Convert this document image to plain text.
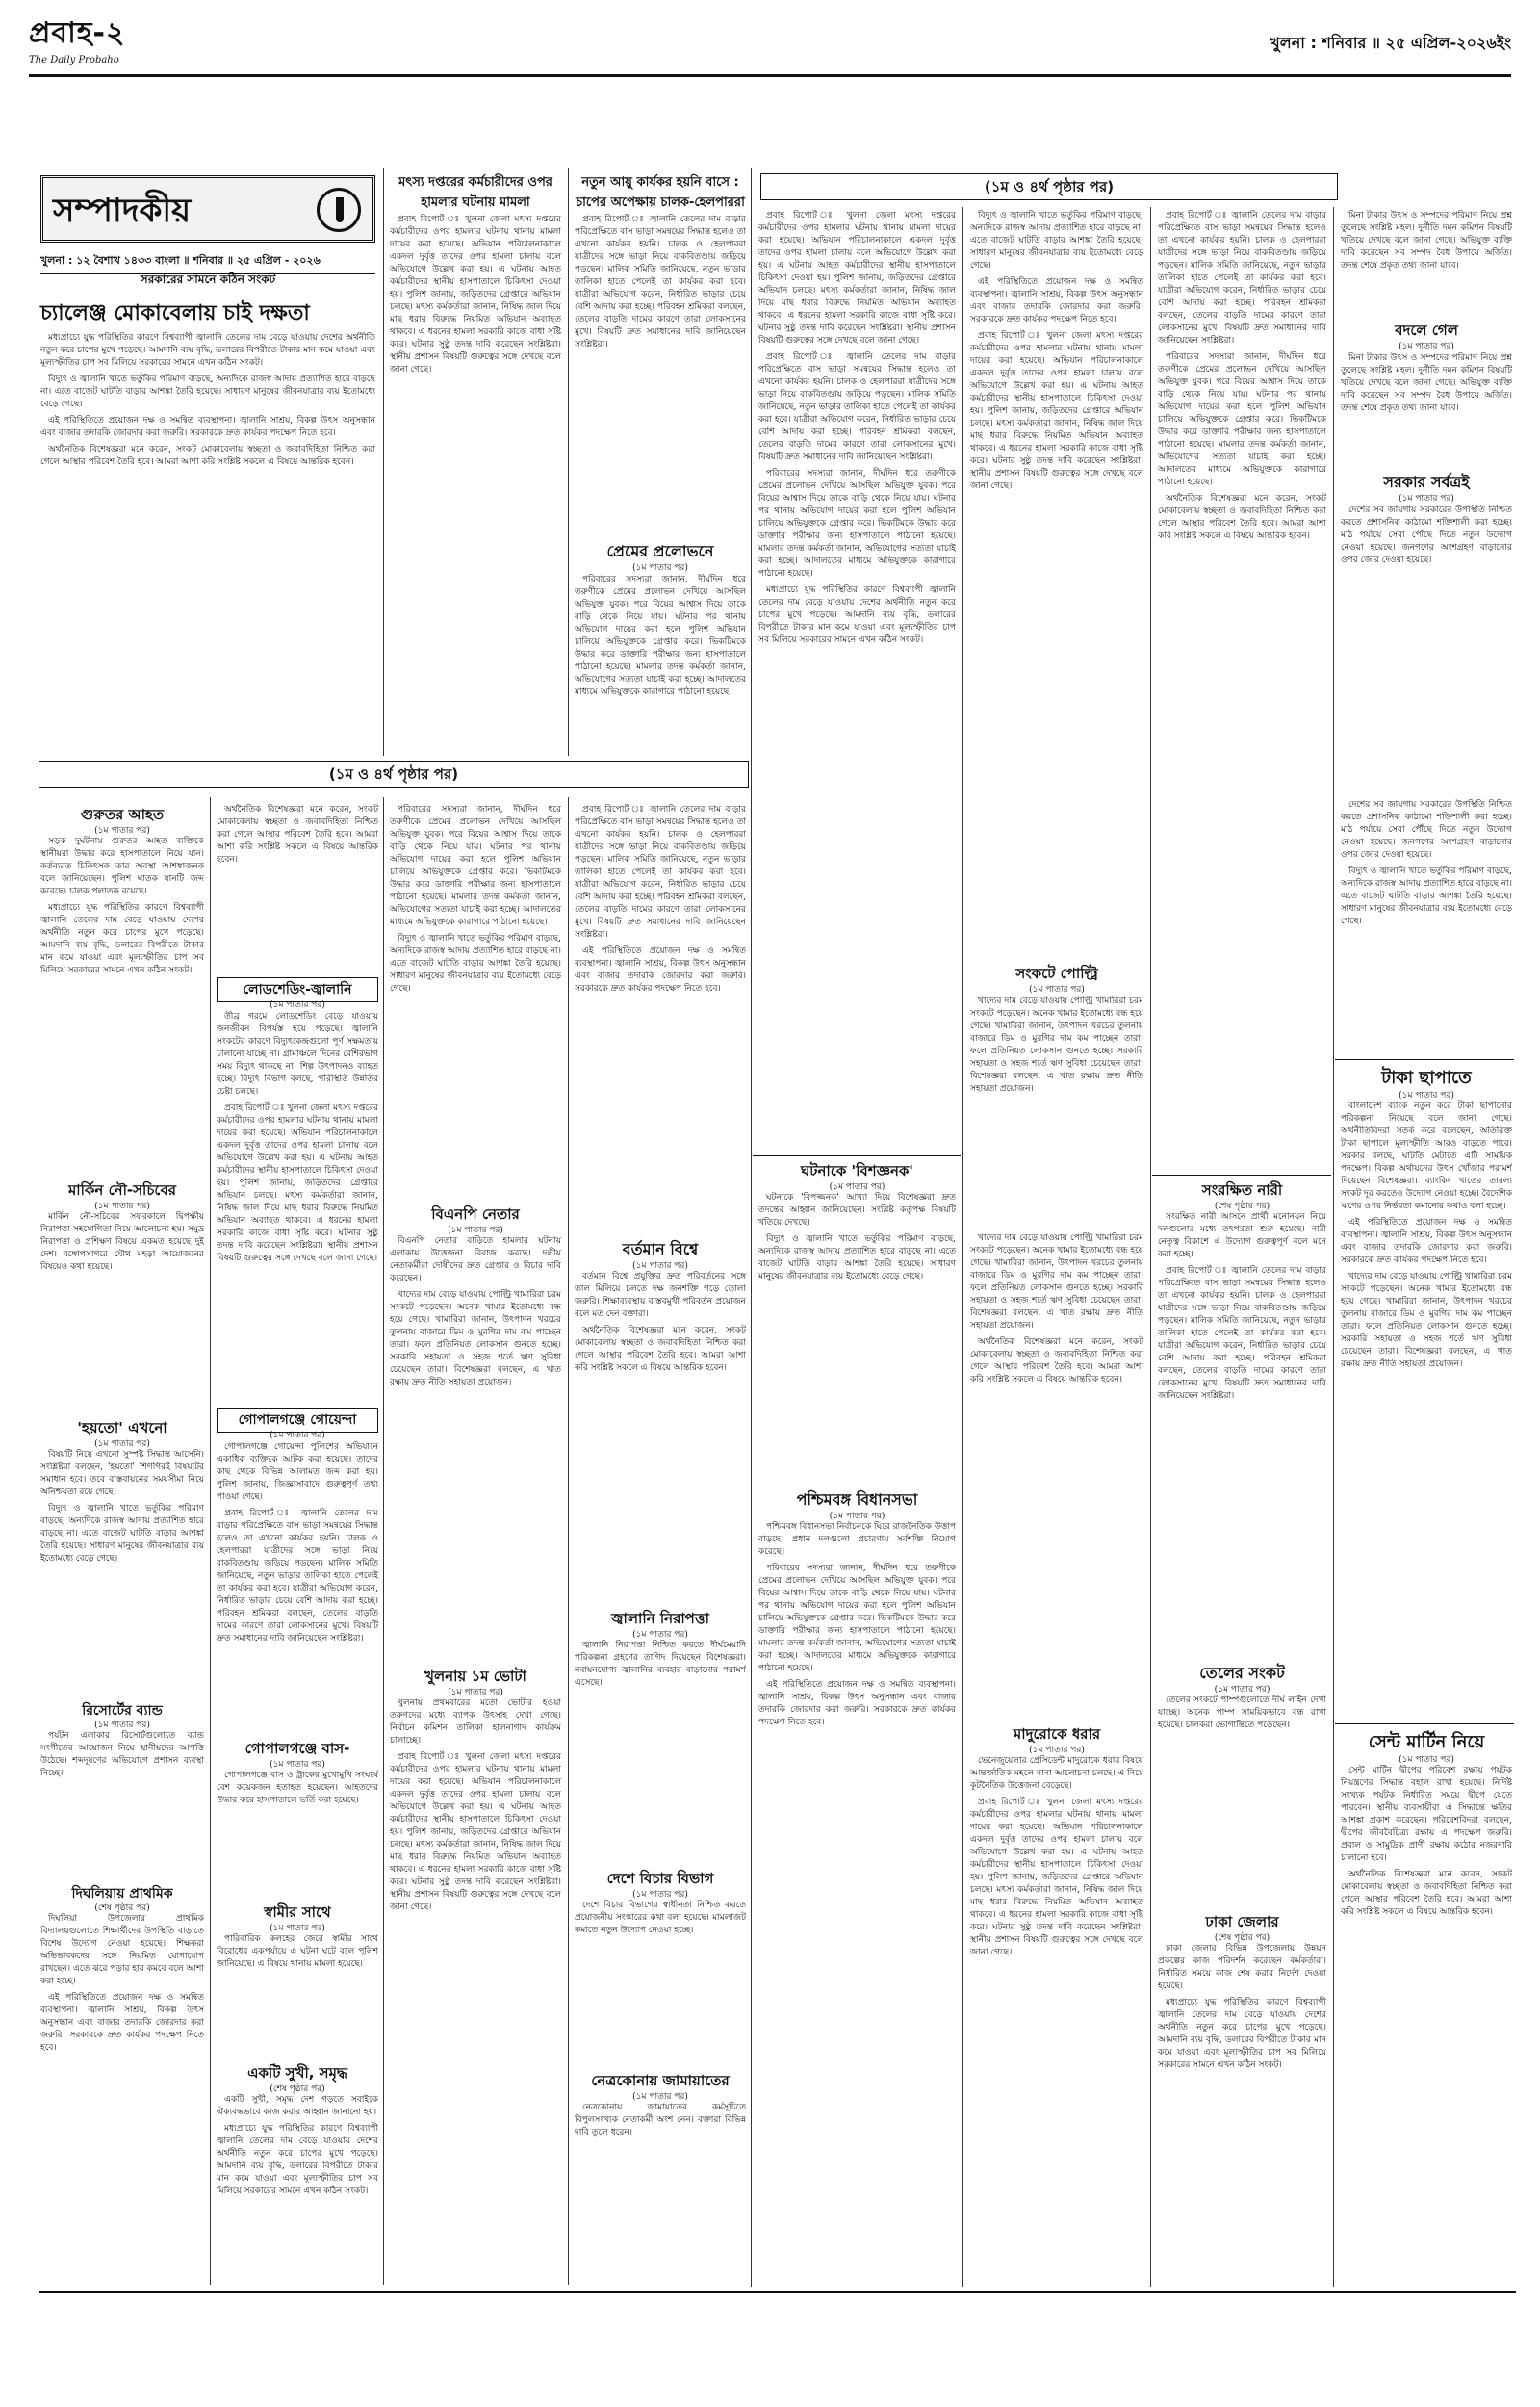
প্রবাহ-২
The Daily Probaho
খুলনা : শনিবার ॥ ২৫ এপ্রিল-২০২৬ইং
সম্পাদকীয়
খুলনা : ১২ বৈশাখ ১৪৩৩ বাংলা ॥ শনিবার ॥ ২৫ এপ্রিল - ২০২৬
সরকারের সামনে কঠিন সংকট
চ্যালেঞ্জ মোকাবেলায় চাই দক্ষতা

মধ্যপ্রাচ্যে যুদ্ধ পরিস্থিতির কারণে বিশ্বব্যাপী জ্বালানি তেলের দাম বেড়ে যাওয়ায় দেশের অর্থনীতি নতুন করে চাপের মুখে পড়েছে। আমদানি ব্যয় বৃদ্ধি, ডলারের বিপরীতে টাকার মান কমে যাওয়া এবং মূল্যস্ফীতির চাপ সব মিলিয়ে সরকারের সামনে এখন কঠিন সংকট।

বিদ্যুৎ ও জ্বালানি খাতে ভর্তুকির পরিমাণ বাড়ছে, অন্যদিকে রাজস্ব আদায় প্রত্যাশিত হারে বাড়ছে না। এতে বাজেট ঘাটতি বাড়ার আশঙ্কা তৈরি হয়েছে। সাধারণ মানুষের জীবনযাত্রার ব্যয় ইতোমধ্যে বেড়ে গেছে।

এই পরিস্থিতিতে প্রয়োজন দক্ষ ও সমন্বিত ব্যবস্থাপনা। জ্বালানি সাশ্রয়, বিকল্প উৎস অনুসন্ধান এবং বাজার তদারকি জোরদার করা জরুরি। সরকারকে দ্রুত কার্যকর পদক্ষেপ নিতে হবে।

অর্থনৈতিক বিশেষজ্ঞরা মনে করেন, সংকট মোকাবেলায় স্বচ্ছতা ও জবাবদিহিতা নিশ্চিত করা গেলে আস্থার পরিবেশ তৈরি হবে। আমরা আশা করি সংশ্লিষ্ট সকলে এ বিষয়ে আন্তরিক হবেন।

মৎস্য দপ্তরের কর্মচারীদের ওপর হামলার ঘটনায় মামলা

প্রবাহ রিপোর্ট ঃ খুলনা জেলা মৎস্য দপ্তরের কর্মচারীদের ওপর হামলার ঘটনায় থানায় মামলা দায়ের করা হয়েছে। অভিযান পরিচালনাকালে একদল দুর্বৃত্ত তাদের ওপর হামলা চালায় বলে অভিযোগে উল্লেখ করা হয়। এ ঘটনায় আহত কর্মচারীদের স্থানীয় হাসপাতালে চিকিৎসা দেওয়া হয়। পুলিশ জানায়, জড়িতদের গ্রেপ্তারে অভিযান চলছে। মৎস্য কর্মকর্তারা জানান, নিষিদ্ধ জাল দিয়ে মাছ ধরার বিরুদ্ধে নিয়মিত অভিযান অব্যাহত থাকবে। এ ধরনের হামলা সরকারি কাজে বাধা সৃষ্টি করে। ঘটনার সুষ্ঠু তদন্ত দাবি করেছেন সংশ্লিষ্টরা। স্থানীয় প্রশাসন বিষয়টি গুরুত্বের সঙ্গে দেখছে বলে জানা গেছে।

নতুন আয়ু কার্যকর হয়নি বাসে : চাপের অপেক্ষায় চালক-হেলপাররা

প্রবাহ রিপোর্ট ঃ জ্বালানি তেলের দাম বাড়ার পরিপ্রেক্ষিতে বাস ভাড়া সমন্বয়ের সিদ্ধান্ত হলেও তা এখনো কার্যকর হয়নি। চালক ও হেলপাররা যাত্রীদের সঙ্গে ভাড়া নিয়ে বাকবিতণ্ডায় জড়িয়ে পড়ছেন। মালিক সমিতি জানিয়েছে, নতুন ভাড়ার তালিকা হাতে পেলেই তা কার্যকর করা হবে। যাত্রীরা অভিযোগ করেন, নির্ধারিত ভাড়ার চেয়ে বেশি আদায় করা হচ্ছে। পরিবহন শ্রমিকরা বলছেন, তেলের বাড়তি দামের কারণে তারা লোকসানের মুখে। বিষয়টি দ্রুত সমাধানের দাবি জানিয়েছেন সংশ্লিষ্টরা।

প্রেমের প্রলোভনে
(১ম পাতার পর)

পরিবারের সদস্যরা জানান, দীর্ঘদিন ধরে তরুণীকে প্রেমের প্রলোভন দেখিয়ে আসছিল অভিযুক্ত যুবক। পরে বিয়ের আশ্বাস দিয়ে তাকে বাড়ি থেকে নিয়ে যায়। ঘটনার পর থানায় অভিযোগ দায়ের করা হলে পুলিশ অভিযান চালিয়ে অভিযুক্তকে গ্রেপ্তার করে। ভিকটিমকে উদ্ধার করে ডাক্তারি পরীক্ষার জন্য হাসপাতালে পাঠানো হয়েছে। মামলার তদন্ত কর্মকর্তা জানান, অভিযোগের সত্যতা যাচাই করা হচ্ছে। আদালতের মাধ্যমে অভিযুক্তকে কারাগারে পাঠানো হয়েছে।

(১ম ও ৪র্থ পৃষ্ঠার পর)

প্রবাহ রিপোর্ট ঃ খুলনা জেলা মৎস্য দপ্তরের কর্মচারীদের ওপর হামলার ঘটনায় থানায় মামলা দায়ের করা হয়েছে। অভিযান পরিচালনাকালে একদল দুর্বৃত্ত তাদের ওপর হামলা চালায় বলে অভিযোগে উল্লেখ করা হয়। এ ঘটনায় আহত কর্মচারীদের স্থানীয় হাসপাতালে চিকিৎসা দেওয়া হয়। পুলিশ জানায়, জড়িতদের গ্রেপ্তারে অভিযান চলছে। মৎস্য কর্মকর্তারা জানান, নিষিদ্ধ জাল দিয়ে মাছ ধরার বিরুদ্ধে নিয়মিত অভিযান অব্যাহত থাকবে। এ ধরনের হামলা সরকারি কাজে বাধা সৃষ্টি করে। ঘটনার সুষ্ঠু তদন্ত দাবি করেছেন সংশ্লিষ্টরা। স্থানীয় প্রশাসন বিষয়টি গুরুত্বের সঙ্গে দেখছে বলে জানা গেছে।

প্রবাহ রিপোর্ট ঃ জ্বালানি তেলের দাম বাড়ার পরিপ্রেক্ষিতে বাস ভাড়া সমন্বয়ের সিদ্ধান্ত হলেও তা এখনো কার্যকর হয়নি। চালক ও হেলপাররা যাত্রীদের সঙ্গে ভাড়া নিয়ে বাকবিতণ্ডায় জড়িয়ে পড়ছেন। মালিক সমিতি জানিয়েছে, নতুন ভাড়ার তালিকা হাতে পেলেই তা কার্যকর করা হবে। যাত্রীরা অভিযোগ করেন, নির্ধারিত ভাড়ার চেয়ে বেশি আদায় করা হচ্ছে। পরিবহন শ্রমিকরা বলছেন, তেলের বাড়তি দামের কারণে তারা লোকসানের মুখে। বিষয়টি দ্রুত সমাধানের দাবি জানিয়েছেন সংশ্লিষ্টরা।

পরিবারের সদস্যরা জানান, দীর্ঘদিন ধরে তরুণীকে প্রেমের প্রলোভন দেখিয়ে আসছিল অভিযুক্ত যুবক। পরে বিয়ের আশ্বাস দিয়ে তাকে বাড়ি থেকে নিয়ে যায়। ঘটনার পর থানায় অভিযোগ দায়ের করা হলে পুলিশ অভিযান চালিয়ে অভিযুক্তকে গ্রেপ্তার করে। ভিকটিমকে উদ্ধার করে ডাক্তারি পরীক্ষার জন্য হাসপাতালে পাঠানো হয়েছে। মামলার তদন্ত কর্মকর্তা জানান, অভিযোগের সত্যতা যাচাই করা হচ্ছে। আদালতের মাধ্যমে অভিযুক্তকে কারাগারে পাঠানো হয়েছে।

মধ্যপ্রাচ্যে যুদ্ধ পরিস্থিতির কারণে বিশ্বব্যাপী জ্বালানি তেলের দাম বেড়ে যাওয়ায় দেশের অর্থনীতি নতুন করে চাপের মুখে পড়েছে। আমদানি ব্যয় বৃদ্ধি, ডলারের বিপরীতে টাকার মান কমে যাওয়া এবং মূল্যস্ফীতির চাপ সব মিলিয়ে সরকারের সামনে এখন কঠিন সংকট।

বিদ্যুৎ ও জ্বালানি খাতে ভর্তুকির পরিমাণ বাড়ছে, অন্যদিকে রাজস্ব আদায় প্রত্যাশিত হারে বাড়ছে না। এতে বাজেট ঘাটতি বাড়ার আশঙ্কা তৈরি হয়েছে। সাধারণ মানুষের জীবনযাত্রার ব্যয় ইতোমধ্যে বেড়ে গেছে।

এই পরিস্থিতিতে প্রয়োজন দক্ষ ও সমন্বিত ব্যবস্থাপনা। জ্বালানি সাশ্রয়, বিকল্প উৎস অনুসন্ধান এবং বাজার তদারকি জোরদার করা জরুরি। সরকারকে দ্রুত কার্যকর পদক্ষেপ নিতে হবে।

প্রবাহ রিপোর্ট ঃ খুলনা জেলা মৎস্য দপ্তরের কর্মচারীদের ওপর হামলার ঘটনায় থানায় মামলা দায়ের করা হয়েছে। অভিযান পরিচালনাকালে একদল দুর্বৃত্ত তাদের ওপর হামলা চালায় বলে অভিযোগে উল্লেখ করা হয়। এ ঘটনায় আহত কর্মচারীদের স্থানীয় হাসপাতালে চিকিৎসা দেওয়া হয়। পুলিশ জানায়, জড়িতদের গ্রেপ্তারে অভিযান চলছে। মৎস্য কর্মকর্তারা জানান, নিষিদ্ধ জাল দিয়ে মাছ ধরার বিরুদ্ধে নিয়মিত অভিযান অব্যাহত থাকবে। এ ধরনের হামলা সরকারি কাজে বাধা সৃষ্টি করে। ঘটনার সুষ্ঠু তদন্ত দাবি করেছেন সংশ্লিষ্টরা। স্থানীয় প্রশাসন বিষয়টি গুরুত্বের সঙ্গে দেখছে বলে জানা গেছে।

সংকটে পোল্ট্রি
(১ম পাতার পর)

খাদ্যের দাম বেড়ে যাওয়ায় পোল্ট্রি খামারিরা চরম সংকটে পড়েছেন। অনেক খামার ইতোমধ্যে বন্ধ হয়ে গেছে। খামারিরা জানান, উৎপাদন খরচের তুলনায় বাজারে ডিম ও মুরগির দাম কম পাচ্ছেন তারা। ফলে প্রতিনিয়ত লোকসান গুনতে হচ্ছে। সরকারি সহায়তা ও সহজ শর্তে ঋণ সুবিধা চেয়েছেন তারা। বিশেষজ্ঞরা বলছেন, এ খাত রক্ষায় দ্রুত নীতি সহায়তা প্রয়োজন।

প্রবাহ রিপোর্ট ঃ জ্বালানি তেলের দাম বাড়ার পরিপ্রেক্ষিতে বাস ভাড়া সমন্বয়ের সিদ্ধান্ত হলেও তা এখনো কার্যকর হয়নি। চালক ও হেলপাররা যাত্রীদের সঙ্গে ভাড়া নিয়ে বাকবিতণ্ডায় জড়িয়ে পড়ছেন। মালিক সমিতি জানিয়েছে, নতুন ভাড়ার তালিকা হাতে পেলেই তা কার্যকর করা হবে। যাত্রীরা অভিযোগ করেন, নির্ধারিত ভাড়ার চেয়ে বেশি আদায় করা হচ্ছে। পরিবহন শ্রমিকরা বলছেন, তেলের বাড়তি দামের কারণে তারা লোকসানের মুখে। বিষয়টি দ্রুত সমাধানের দাবি জানিয়েছেন সংশ্লিষ্টরা।

পরিবারের সদস্যরা জানান, দীর্ঘদিন ধরে তরুণীকে প্রেমের প্রলোভন দেখিয়ে আসছিল অভিযুক্ত যুবক। পরে বিয়ের আশ্বাস দিয়ে তাকে বাড়ি থেকে নিয়ে যায়। ঘটনার পর থানায় অভিযোগ দায়ের করা হলে পুলিশ অভিযান চালিয়ে অভিযুক্তকে গ্রেপ্তার করে। ভিকটিমকে উদ্ধার করে ডাক্তারি পরীক্ষার জন্য হাসপাতালে পাঠানো হয়েছে। মামলার তদন্ত কর্মকর্তা জানান, অভিযোগের সত্যতা যাচাই করা হচ্ছে। আদালতের মাধ্যমে অভিযুক্তকে কারাগারে পাঠানো হয়েছে।

অর্থনৈতিক বিশেষজ্ঞরা মনে করেন, সংকট মোকাবেলায় স্বচ্ছতা ও জবাবদিহিতা নিশ্চিত করা গেলে আস্থার পরিবেশ তৈরি হবে। আমরা আশা করি সংশ্লিষ্ট সকলে এ বিষয়ে আন্তরিক হবেন।

মিনা টাকার উৎস ও সম্পদের পরিমাণ নিয়ে প্রশ্ন তুলেছে সংশ্লিষ্ট মহল। দুর্নীতি দমন কমিশন বিষয়টি খতিয়ে দেখছে বলে জানা গেছে। অভিযুক্ত ব্যক্তি দাবি করেছেন সব সম্পদ বৈধ উপায়ে অর্জিত। তদন্ত শেষে প্রকৃত তথ্য জানা যাবে।

বদলে গেল
(১ম পাতার পর)

মিনা টাকার উৎস ও সম্পদের পরিমাণ নিয়ে প্রশ্ন তুলেছে সংশ্লিষ্ট মহল। দুর্নীতি দমন কমিশন বিষয়টি খতিয়ে দেখছে বলে জানা গেছে। অভিযুক্ত ব্যক্তি দাবি করেছেন সব সম্পদ বৈধ উপায়ে অর্জিত। তদন্ত শেষে প্রকৃত তথ্য জানা যাবে।

সরকার সর্বত্রই
(১ম পাতার পর)

দেশের সব জায়গায় সরকারের উপস্থিতি নিশ্চিত করতে প্রশাসনিক কাঠামো শক্তিশালী করা হচ্ছে। মাঠ পর্যায়ে সেবা পৌঁছে দিতে নতুন উদ্যোগ নেওয়া হয়েছে। জনগণের অংশগ্রহণ বাড়ানোর ওপর জোর দেওয়া হয়েছে।

(১ম ও ৪র্থ পৃষ্ঠার পর)
গুরুতর আহত
(১ম পাতার পর)

সড়ক দুর্ঘটনায় গুরুতর আহত ব্যক্তিকে স্থানীয়রা উদ্ধার করে হাসপাতালে নিয়ে যান। কর্তব্যরত চিকিৎসক তার অবস্থা আশঙ্কাজনক বলে জানিয়েছেন। পুলিশ ঘাতক যানটি জব্দ করেছে। চালক পলাতক রয়েছে।

মধ্যপ্রাচ্যে যুদ্ধ পরিস্থিতির কারণে বিশ্বব্যাপী জ্বালানি তেলের দাম বেড়ে যাওয়ায় দেশের অর্থনীতি নতুন করে চাপের মুখে পড়েছে। আমদানি ব্যয় বৃদ্ধি, ডলারের বিপরীতে টাকার মান কমে যাওয়া এবং মূল্যস্ফীতির চাপ সব মিলিয়ে সরকারের সামনে এখন কঠিন সংকট।

মার্কিন নৌ-সচিবের
(১ম পাতার পর)

মার্কিন নৌ-সচিবের সফরকালে দ্বিপক্ষীয় নিরাপত্তা সহযোগিতা নিয়ে আলোচনা হয়। সমুদ্র নিরাপত্তা ও প্রশিক্ষণ বিষয়ে একমত হয়েছে দুই দেশ। বঙ্গোপসাগরে যৌথ মহড়া আয়োজনের বিষয়েও কথা হয়েছে।

'হয়তো' এখনো
(১ম পাতার পর)

বিষয়টি নিয়ে এখনো সুস্পষ্ট সিদ্ধান্ত আসেনি। সংশ্লিষ্টরা বলছেন, 'হয়তো' শিগগিরই বিষয়টির সমাধান হবে। তবে বাস্তবায়নের সময়সীমা নিয়ে অনিশ্চয়তা রয়ে গেছে।

বিদ্যুৎ ও জ্বালানি খাতে ভর্তুকির পরিমাণ বাড়ছে, অন্যদিকে রাজস্ব আদায় প্রত্যাশিত হারে বাড়ছে না। এতে বাজেট ঘাটতি বাড়ার আশঙ্কা তৈরি হয়েছে। সাধারণ মানুষের জীবনযাত্রার ব্যয় ইতোমধ্যে বেড়ে গেছে।

রিসোর্টের ব্যান্ড
(১ম পাতার পর)

পর্যটন এলাকার রিসোর্টগুলোতে ব্যান্ড সংগীতের আয়োজন নিয়ে স্থানীয়দের আপত্তি উঠেছে। শব্দদূষণের অভিযোগে প্রশাসন ব্যবস্থা নিচ্ছে।

দিঘলিয়ায় প্রাথমিক
(শেষ পৃষ্ঠার পর)

দিঘলিয়া উপজেলার প্রাথমিক বিদ্যালয়গুলোতে শিক্ষার্থীদের উপস্থিতি বাড়াতে বিশেষ উদ্যোগ নেওয়া হয়েছে। শিক্ষকরা অভিভাবকদের সঙ্গে নিয়মিত যোগাযোগ রাখছেন। এতে ঝরে পড়ার হার কমবে বলে আশা করা হচ্ছে।

এই পরিস্থিতিতে প্রয়োজন দক্ষ ও সমন্বিত ব্যবস্থাপনা। জ্বালানি সাশ্রয়, বিকল্প উৎস অনুসন্ধান এবং বাজার তদারকি জোরদার করা জরুরি। সরকারকে দ্রুত কার্যকর পদক্ষেপ নিতে হবে।

অর্থনৈতিক বিশেষজ্ঞরা মনে করেন, সংকট মোকাবেলায় স্বচ্ছতা ও জবাবদিহিতা নিশ্চিত করা গেলে আস্থার পরিবেশ তৈরি হবে। আমরা আশা করি সংশ্লিষ্ট সকলে এ বিষয়ে আন্তরিক হবেন।

লোডশেডিং-জ্বালানি
(১ম পাতার পর)

তীব্র গরমে লোডশেডিং বেড়ে যাওয়ায় জনজীবন বিপর্যস্ত হয়ে পড়েছে। জ্বালানি সংকটের কারণে বিদ্যুৎকেন্দ্রগুলো পূর্ণ সক্ষমতায় চালানো যাচ্ছে না। গ্রামাঞ্চলে দিনের বেশিরভাগ সময় বিদ্যুৎ থাকছে না। শিল্প উৎপাদনও ব্যাহত হচ্ছে। বিদ্যুৎ বিভাগ বলছে, পরিস্থিতি উন্নতির চেষ্টা চলছে।

প্রবাহ রিপোর্ট ঃ খুলনা জেলা মৎস্য দপ্তরের কর্মচারীদের ওপর হামলার ঘটনায় থানায় মামলা দায়ের করা হয়েছে। অভিযান পরিচালনাকালে একদল দুর্বৃত্ত তাদের ওপর হামলা চালায় বলে অভিযোগে উল্লেখ করা হয়। এ ঘটনায় আহত কর্মচারীদের স্থানীয় হাসপাতালে চিকিৎসা দেওয়া হয়। পুলিশ জানায়, জড়িতদের গ্রেপ্তারে অভিযান চলছে। মৎস্য কর্মকর্তারা জানান, নিষিদ্ধ জাল দিয়ে মাছ ধরার বিরুদ্ধে নিয়মিত অভিযান অব্যাহত থাকবে। এ ধরনের হামলা সরকারি কাজে বাধা সৃষ্টি করে। ঘটনার সুষ্ঠু তদন্ত দাবি করেছেন সংশ্লিষ্টরা। স্থানীয় প্রশাসন বিষয়টি গুরুত্বের সঙ্গে দেখছে বলে জানা গেছে।

গোপালগঞ্জে গোয়েন্দা
(১ম পাতার পর)

গোপালগঞ্জে গোয়েন্দা পুলিশের অভিযানে একাধিক ব্যক্তিকে আটক করা হয়েছে। তাদের কাছ থেকে বিভিন্ন আলামত জব্দ করা হয়। পুলিশ জানায়, জিজ্ঞাসাবাদে গুরুত্বপূর্ণ তথ্য পাওয়া গেছে।

প্রবাহ রিপোর্ট ঃ জ্বালানি তেলের দাম বাড়ার পরিপ্রেক্ষিতে বাস ভাড়া সমন্বয়ের সিদ্ধান্ত হলেও তা এখনো কার্যকর হয়নি। চালক ও হেলপাররা যাত্রীদের সঙ্গে ভাড়া নিয়ে বাকবিতণ্ডায় জড়িয়ে পড়ছেন। মালিক সমিতি জানিয়েছে, নতুন ভাড়ার তালিকা হাতে পেলেই তা কার্যকর করা হবে। যাত্রীরা অভিযোগ করেন, নির্ধারিত ভাড়ার চেয়ে বেশি আদায় করা হচ্ছে। পরিবহন শ্রমিকরা বলছেন, তেলের বাড়তি দামের কারণে তারা লোকসানের মুখে। বিষয়টি দ্রুত সমাধানের দাবি জানিয়েছেন সংশ্লিষ্টরা।

গোপালগঞ্জে বাস-
(১ম পাতার পর)

গোপালগঞ্জে বাস ও ট্রাকের মুখোমুখি সংঘর্ষে বেশ কয়েকজন হতাহত হয়েছেন। আহতদের উদ্ধার করে হাসপাতালে ভর্তি করা হয়েছে।

স্বামীর সাথে
(১ম পাতার পর)

পারিবারিক কলহের জেরে স্বামীর সাথে বিরোধের একপর্যায়ে এ ঘটনা ঘটে বলে পুলিশ জানিয়েছে। এ বিষয়ে থানায় মামলা হয়েছে।

একটি সুখী, সমৃদ্ধ
(শেষ পৃষ্ঠার পর)

একটি সুখী, সমৃদ্ধ দেশ গড়তে সবাইকে ঐক্যবদ্ধভাবে কাজ করার আহ্বান জানানো হয়।

মধ্যপ্রাচ্যে যুদ্ধ পরিস্থিতির কারণে বিশ্বব্যাপী জ্বালানি তেলের দাম বেড়ে যাওয়ায় দেশের অর্থনীতি নতুন করে চাপের মুখে পড়েছে। আমদানি ব্যয় বৃদ্ধি, ডলারের বিপরীতে টাকার মান কমে যাওয়া এবং মূল্যস্ফীতির চাপ সব মিলিয়ে সরকারের সামনে এখন কঠিন সংকট।

পরিবারের সদস্যরা জানান, দীর্ঘদিন ধরে তরুণীকে প্রেমের প্রলোভন দেখিয়ে আসছিল অভিযুক্ত যুবক। পরে বিয়ের আশ্বাস দিয়ে তাকে বাড়ি থেকে নিয়ে যায়। ঘটনার পর থানায় অভিযোগ দায়ের করা হলে পুলিশ অভিযান চালিয়ে অভিযুক্তকে গ্রেপ্তার করে। ভিকটিমকে উদ্ধার করে ডাক্তারি পরীক্ষার জন্য হাসপাতালে পাঠানো হয়েছে। মামলার তদন্ত কর্মকর্তা জানান, অভিযোগের সত্যতা যাচাই করা হচ্ছে। আদালতের মাধ্যমে অভিযুক্তকে কারাগারে পাঠানো হয়েছে।

বিদ্যুৎ ও জ্বালানি খাতে ভর্তুকির পরিমাণ বাড়ছে, অন্যদিকে রাজস্ব আদায় প্রত্যাশিত হারে বাড়ছে না। এতে বাজেট ঘাটতি বাড়ার আশঙ্কা তৈরি হয়েছে। সাধারণ মানুষের জীবনযাত্রার ব্যয় ইতোমধ্যে বেড়ে গেছে।

বিএনপি নেতার
(১ম পাতার পর)

বিএনপি নেতার বাড়িতে হামলার ঘটনায় এলাকায় উত্তেজনা বিরাজ করছে। দলীয় নেতাকর্মীরা দোষীদের দ্রুত গ্রেপ্তার ও বিচার দাবি করেছেন।

খাদ্যের দাম বেড়ে যাওয়ায় পোল্ট্রি খামারিরা চরম সংকটে পড়েছেন। অনেক খামার ইতোমধ্যে বন্ধ হয়ে গেছে। খামারিরা জানান, উৎপাদন খরচের তুলনায় বাজারে ডিম ও মুরগির দাম কম পাচ্ছেন তারা। ফলে প্রতিনিয়ত লোকসান গুনতে হচ্ছে। সরকারি সহায়তা ও সহজ শর্তে ঋণ সুবিধা চেয়েছেন তারা। বিশেষজ্ঞরা বলছেন, এ খাত রক্ষায় দ্রুত নীতি সহায়তা প্রয়োজন।

খুলনায় ১ম ভোটা
(১ম পাতার পর)

খুলনায় প্রথমবারের মতো ভোটার হওয়া তরুণদের মধ্যে ব্যাপক উৎসাহ দেখা গেছে। নির্বাচন কমিশন তালিকা হালনাগাদ কার্যক্রম চালাচ্ছে।

প্রবাহ রিপোর্ট ঃ খুলনা জেলা মৎস্য দপ্তরের কর্মচারীদের ওপর হামলার ঘটনায় থানায় মামলা দায়ের করা হয়েছে। অভিযান পরিচালনাকালে একদল দুর্বৃত্ত তাদের ওপর হামলা চালায় বলে অভিযোগে উল্লেখ করা হয়। এ ঘটনায় আহত কর্মচারীদের স্থানীয় হাসপাতালে চিকিৎসা দেওয়া হয়। পুলিশ জানায়, জড়িতদের গ্রেপ্তারে অভিযান চলছে। মৎস্য কর্মকর্তারা জানান, নিষিদ্ধ জাল দিয়ে মাছ ধরার বিরুদ্ধে নিয়মিত অভিযান অব্যাহত থাকবে। এ ধরনের হামলা সরকারি কাজে বাধা সৃষ্টি করে। ঘটনার সুষ্ঠু তদন্ত দাবি করেছেন সংশ্লিষ্টরা। স্থানীয় প্রশাসন বিষয়টি গুরুত্বের সঙ্গে দেখছে বলে জানা গেছে।

প্রবাহ রিপোর্ট ঃ জ্বালানি তেলের দাম বাড়ার পরিপ্রেক্ষিতে বাস ভাড়া সমন্বয়ের সিদ্ধান্ত হলেও তা এখনো কার্যকর হয়নি। চালক ও হেলপাররা যাত্রীদের সঙ্গে ভাড়া নিয়ে বাকবিতণ্ডায় জড়িয়ে পড়ছেন। মালিক সমিতি জানিয়েছে, নতুন ভাড়ার তালিকা হাতে পেলেই তা কার্যকর করা হবে। যাত্রীরা অভিযোগ করেন, নির্ধারিত ভাড়ার চেয়ে বেশি আদায় করা হচ্ছে। পরিবহন শ্রমিকরা বলছেন, তেলের বাড়তি দামের কারণে তারা লোকসানের মুখে। বিষয়টি দ্রুত সমাধানের দাবি জানিয়েছেন সংশ্লিষ্টরা।

এই পরিস্থিতিতে প্রয়োজন দক্ষ ও সমন্বিত ব্যবস্থাপনা। জ্বালানি সাশ্রয়, বিকল্প উৎস অনুসন্ধান এবং বাজার তদারকি জোরদার করা জরুরি। সরকারকে দ্রুত কার্যকর পদক্ষেপ নিতে হবে।

বর্তমান বিশ্বে
(১ম পাতার পর)

বর্তমান বিশ্বে প্রযুক্তির দ্রুত পরিবর্তনের সঙ্গে তাল মিলিয়ে চলতে দক্ষ জনশক্তি গড়ে তোলা জরুরি। শিক্ষাব্যবস্থায় বাস্তবমুখী পরিবর্তন প্রয়োজন বলে মত দেন বক্তারা।

অর্থনৈতিক বিশেষজ্ঞরা মনে করেন, সংকট মোকাবেলায় স্বচ্ছতা ও জবাবদিহিতা নিশ্চিত করা গেলে আস্থার পরিবেশ তৈরি হবে। আমরা আশা করি সংশ্লিষ্ট সকলে এ বিষয়ে আন্তরিক হবেন।

জ্বালানি নিরাপত্তা
(১ম পাতার পর)

জ্বালানি নিরাপত্তা নিশ্চিত করতে দীর্ঘমেয়াদি পরিকল্পনা গ্রহণের তাগিদ দিয়েছেন বিশেষজ্ঞরা। নবায়নযোগ্য জ্বালানির ব্যবহার বাড়ানোর পরামর্শ এসেছে।

দেশে বিচার বিভাগ
(১ম পাতার পর)

দেশে বিচার বিভাগের স্বাধীনতা নিশ্চিত করতে প্রয়োজনীয় সংস্কারের কথা বলা হয়েছে। মামলাজট কমাতে নতুন উদ্যোগ নেওয়া হচ্ছে।

নেত্রকোনায় জামায়াতের
(১ম পাতার পর)

নেত্রকোনায় জামায়াতের কর্মসূচিতে বিপুলসংখ্যক নেতাকর্মী অংশ নেন। বক্তারা বিভিন্ন দাবি তুলে ধরেন।

ঘটনাকে 'বিশজ্ঞনক'
(১ম পাতার পর)

ঘটনাকে 'বিপজ্জনক' আখ্যা দিয়ে বিশেষজ্ঞরা দ্রুত তদন্তের আহ্বান জানিয়েছেন। সংশ্লিষ্ট কর্তৃপক্ষ বিষয়টি খতিয়ে দেখছে।

বিদ্যুৎ ও জ্বালানি খাতে ভর্তুকির পরিমাণ বাড়ছে, অন্যদিকে রাজস্ব আদায় প্রত্যাশিত হারে বাড়ছে না। এতে বাজেট ঘাটতি বাড়ার আশঙ্কা তৈরি হয়েছে। সাধারণ মানুষের জীবনযাত্রার ব্যয় ইতোমধ্যে বেড়ে গেছে।

পশ্চিমবঙ্গ বিধানসভা
(১ম পাতার পর)

পশ্চিমবঙ্গ বিধানসভা নির্বাচনকে ঘিরে রাজনৈতিক উত্তাপ বাড়ছে। প্রধান দলগুলো প্রচারণায় সর্বশক্তি নিয়োগ করেছে।

পরিবারের সদস্যরা জানান, দীর্ঘদিন ধরে তরুণীকে প্রেমের প্রলোভন দেখিয়ে আসছিল অভিযুক্ত যুবক। পরে বিয়ের আশ্বাস দিয়ে তাকে বাড়ি থেকে নিয়ে যায়। ঘটনার পর থানায় অভিযোগ দায়ের করা হলে পুলিশ অভিযান চালিয়ে অভিযুক্তকে গ্রেপ্তার করে। ভিকটিমকে উদ্ধার করে ডাক্তারি পরীক্ষার জন্য হাসপাতালে পাঠানো হয়েছে। মামলার তদন্ত কর্মকর্তা জানান, অভিযোগের সত্যতা যাচাই করা হচ্ছে। আদালতের মাধ্যমে অভিযুক্তকে কারাগারে পাঠানো হয়েছে।

এই পরিস্থিতিতে প্রয়োজন দক্ষ ও সমন্বিত ব্যবস্থাপনা। জ্বালানি সাশ্রয়, বিকল্প উৎস অনুসন্ধান এবং বাজার তদারকি জোরদার করা জরুরি। সরকারকে দ্রুত কার্যকর পদক্ষেপ নিতে হবে।

খাদ্যের দাম বেড়ে যাওয়ায় পোল্ট্রি খামারিরা চরম সংকটে পড়েছেন। অনেক খামার ইতোমধ্যে বন্ধ হয়ে গেছে। খামারিরা জানান, উৎপাদন খরচের তুলনায় বাজারে ডিম ও মুরগির দাম কম পাচ্ছেন তারা। ফলে প্রতিনিয়ত লোকসান গুনতে হচ্ছে। সরকারি সহায়তা ও সহজ শর্তে ঋণ সুবিধা চেয়েছেন তারা। বিশেষজ্ঞরা বলছেন, এ খাত রক্ষায় দ্রুত নীতি সহায়তা প্রয়োজন।

অর্থনৈতিক বিশেষজ্ঞরা মনে করেন, সংকট মোকাবেলায় স্বচ্ছতা ও জবাবদিহিতা নিশ্চিত করা গেলে আস্থার পরিবেশ তৈরি হবে। আমরা আশা করি সংশ্লিষ্ট সকলে এ বিষয়ে আন্তরিক হবেন।

মাদুরোকে ধরার
(১ম পাতার পর)

ভেনেজুয়েলার প্রেসিডেন্ট মাদুরোকে ধরার বিষয়ে আন্তর্জাতিক মহলে নানা আলোচনা চলছে। এ নিয়ে কূটনৈতিক উত্তেজনা বেড়েছে।

প্রবাহ রিপোর্ট ঃ খুলনা জেলা মৎস্য দপ্তরের কর্মচারীদের ওপর হামলার ঘটনায় থানায় মামলা দায়ের করা হয়েছে। অভিযান পরিচালনাকালে একদল দুর্বৃত্ত তাদের ওপর হামলা চালায় বলে অভিযোগে উল্লেখ করা হয়। এ ঘটনায় আহত কর্মচারীদের স্থানীয় হাসপাতালে চিকিৎসা দেওয়া হয়। পুলিশ জানায়, জড়িতদের গ্রেপ্তারে অভিযান চলছে। মৎস্য কর্মকর্তারা জানান, নিষিদ্ধ জাল দিয়ে মাছ ধরার বিরুদ্ধে নিয়মিত অভিযান অব্যাহত থাকবে। এ ধরনের হামলা সরকারি কাজে বাধা সৃষ্টি করে। ঘটনার সুষ্ঠু তদন্ত দাবি করেছেন সংশ্লিষ্টরা। স্থানীয় প্রশাসন বিষয়টি গুরুত্বের সঙ্গে দেখছে বলে জানা গেছে।

সংরক্ষিত নারী
(শেষ পৃষ্ঠার পর)

সংরক্ষিত নারী আসনে প্রার্থী মনোনয়ন নিয়ে দলগুলোর মধ্যে তৎপরতা শুরু হয়েছে। নারী নেতৃত্ব বিকাশে এ উদ্যোগ গুরুত্বপূর্ণ বলে মনে করা হচ্ছে।

প্রবাহ রিপোর্ট ঃ জ্বালানি তেলের দাম বাড়ার পরিপ্রেক্ষিতে বাস ভাড়া সমন্বয়ের সিদ্ধান্ত হলেও তা এখনো কার্যকর হয়নি। চালক ও হেলপাররা যাত্রীদের সঙ্গে ভাড়া নিয়ে বাকবিতণ্ডায় জড়িয়ে পড়ছেন। মালিক সমিতি জানিয়েছে, নতুন ভাড়ার তালিকা হাতে পেলেই তা কার্যকর করা হবে। যাত্রীরা অভিযোগ করেন, নির্ধারিত ভাড়ার চেয়ে বেশি আদায় করা হচ্ছে। পরিবহন শ্রমিকরা বলছেন, তেলের বাড়তি দামের কারণে তারা লোকসানের মুখে। বিষয়টি দ্রুত সমাধানের দাবি জানিয়েছেন সংশ্লিষ্টরা।

তেলের সংকট
(১ম পাতার পর)

তেলের সংকটে পাম্পগুলোতে দীর্ঘ লাইন দেখা যাচ্ছে। অনেক পাম্প সাময়িকভাবে বন্ধ রাখা হয়েছে। চালকরা ভোগান্তিতে পড়েছেন।

ঢাকা জেলার
(শেষ পৃষ্ঠার পর)

ঢাকা জেলার বিভিন্ন উপজেলায় উন্নয়ন প্রকল্পের কাজ পরিদর্শন করেছেন কর্মকর্তারা। নির্ধারিত সময়ে কাজ শেষ করার নির্দেশ দেওয়া হয়েছে।

মধ্যপ্রাচ্যে যুদ্ধ পরিস্থিতির কারণে বিশ্বব্যাপী জ্বালানি তেলের দাম বেড়ে যাওয়ায় দেশের অর্থনীতি নতুন করে চাপের মুখে পড়েছে। আমদানি ব্যয় বৃদ্ধি, ডলারের বিপরীতে টাকার মান কমে যাওয়া এবং মূল্যস্ফীতির চাপ সব মিলিয়ে সরকারের সামনে এখন কঠিন সংকট।

দেশের সব জায়গায় সরকারের উপস্থিতি নিশ্চিত করতে প্রশাসনিক কাঠামো শক্তিশালী করা হচ্ছে। মাঠ পর্যায়ে সেবা পৌঁছে দিতে নতুন উদ্যোগ নেওয়া হয়েছে। জনগণের অংশগ্রহণ বাড়ানোর ওপর জোর দেওয়া হয়েছে।

বিদ্যুৎ ও জ্বালানি খাতে ভর্তুকির পরিমাণ বাড়ছে, অন্যদিকে রাজস্ব আদায় প্রত্যাশিত হারে বাড়ছে না। এতে বাজেট ঘাটতি বাড়ার আশঙ্কা তৈরি হয়েছে। সাধারণ মানুষের জীবনযাত্রার ব্যয় ইতোমধ্যে বেড়ে গেছে।

টাকা ছাপাতে
(১ম পাতার পর)

বাংলাদেশ ব্যাংক নতুন করে টাকা ছাপানোর পরিকল্পনা নিয়েছে বলে জানা গেছে। অর্থনীতিবিদরা সতর্ক করে বলেছেন, অতিরিক্ত টাকা ছাপালে মূল্যস্ফীতি আরও বাড়তে পারে। সরকার বলছে, ঘাটতি মেটাতে এটি সাময়িক পদক্ষেপ। বিকল্প অর্থায়নের উৎস খোঁজার পরামর্শ দিয়েছেন বিশেষজ্ঞরা। ব্যাংকিং খাতের তারল্য সংকট দূর করতেও উদ্যোগ নেওয়া হচ্ছে। বৈদেশিক ঋণের ওপর নির্ভরতা কমানোর কথাও বলা হচ্ছে।

এই পরিস্থিতিতে প্রয়োজন দক্ষ ও সমন্বিত ব্যবস্থাপনা। জ্বালানি সাশ্রয়, বিকল্প উৎস অনুসন্ধান এবং বাজার তদারকি জোরদার করা জরুরি। সরকারকে দ্রুত কার্যকর পদক্ষেপ নিতে হবে।

খাদ্যের দাম বেড়ে যাওয়ায় পোল্ট্রি খামারিরা চরম সংকটে পড়েছেন। অনেক খামার ইতোমধ্যে বন্ধ হয়ে গেছে। খামারিরা জানান, উৎপাদন খরচের তুলনায় বাজারে ডিম ও মুরগির দাম কম পাচ্ছেন তারা। ফলে প্রতিনিয়ত লোকসান গুনতে হচ্ছে। সরকারি সহায়তা ও সহজ শর্তে ঋণ সুবিধা চেয়েছেন তারা। বিশেষজ্ঞরা বলছেন, এ খাত রক্ষায় দ্রুত নীতি সহায়তা প্রয়োজন।

সেন্ট মার্টিন নিয়ে
(১ম পাতার পর)

সেন্ট মার্টিন দ্বীপের পরিবেশ রক্ষায় পর্যটক নিয়ন্ত্রণের সিদ্ধান্ত বহাল রাখা হয়েছে। নির্দিষ্ট সংখ্যক পর্যটক নির্ধারিত সময়ে দ্বীপে যেতে পারবেন। স্থানীয় ব্যবসায়ীরা এ সিদ্ধান্তে ক্ষতির আশঙ্কা প্রকাশ করেছেন। পরিবেশবিদরা বলছেন, দ্বীপের জীববৈচিত্র্য রক্ষায় এ পদক্ষেপ জরুরি। প্রবাল ও সামুদ্রিক প্রাণী রক্ষায় কঠোর নজরদারি চালানো হবে।

অর্থনৈতিক বিশেষজ্ঞরা মনে করেন, সংকট মোকাবেলায় স্বচ্ছতা ও জবাবদিহিতা নিশ্চিত করা গেলে আস্থার পরিবেশ তৈরি হবে। আমরা আশা করি সংশ্লিষ্ট সকলে এ বিষয়ে আন্তরিক হবেন।
